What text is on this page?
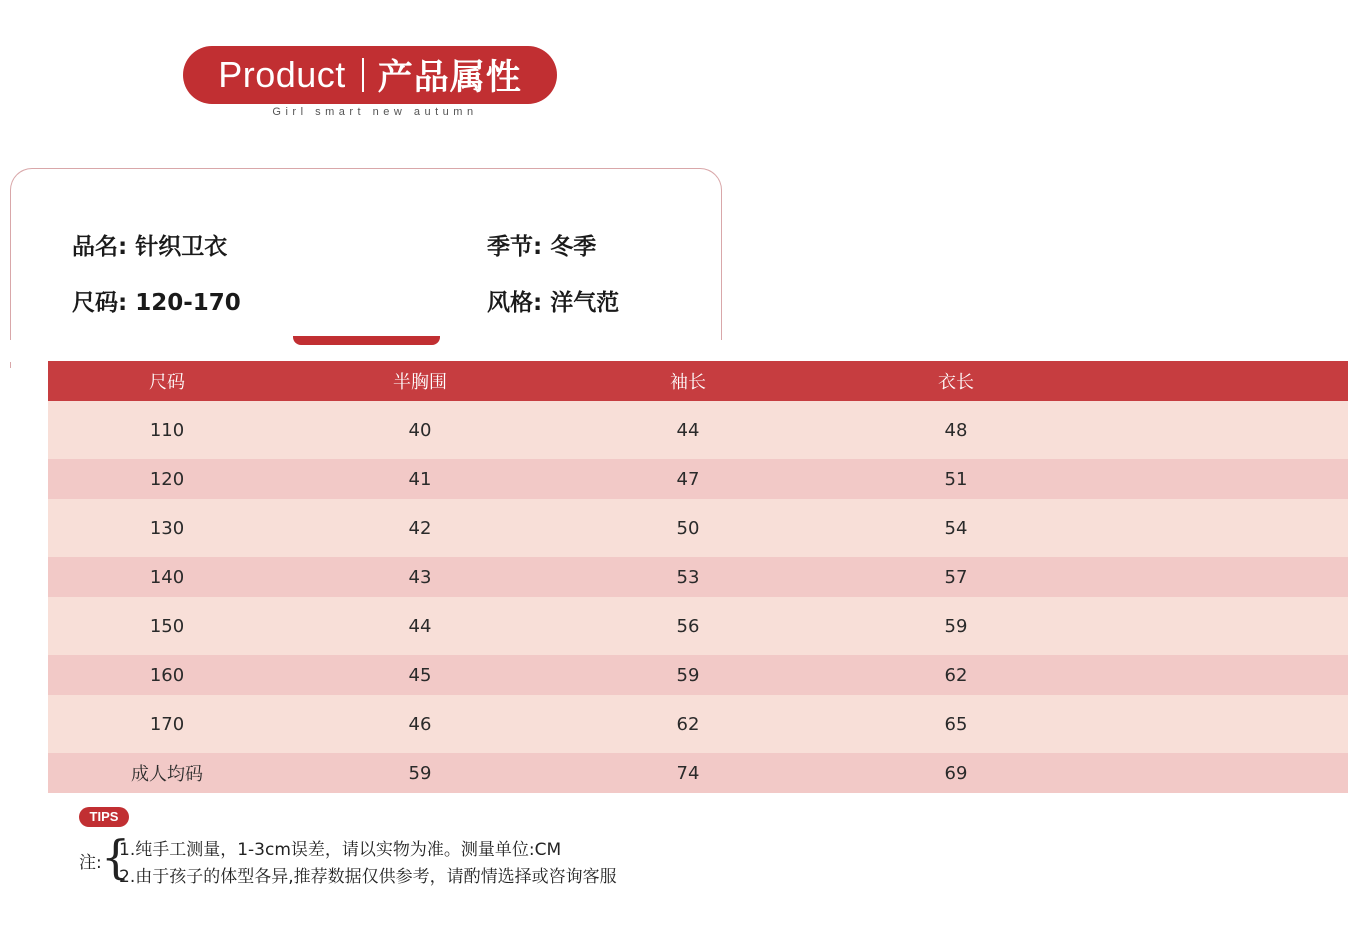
Product 产品属性
Girl smart new autumn
品名: 针织卫衣	季节: 冬季
尺码: 120-170	风格: 洋气范
尺码	半胸围	袖长	衣长	
110	40	44	48	
120	41	47	51	
130	42	50	54	
140	43	53	57	
150	44	56	59	
160	45	59	62	
170	46	62	65	
成人均码	59	74	69	
TIPS
注: {
1.纯手工测量，1-3cm误差，请以实物为准。测量单位:CM
2.由于孩子的体型各异,推荐数据仅供参考，请酌情选择或咨询客服
